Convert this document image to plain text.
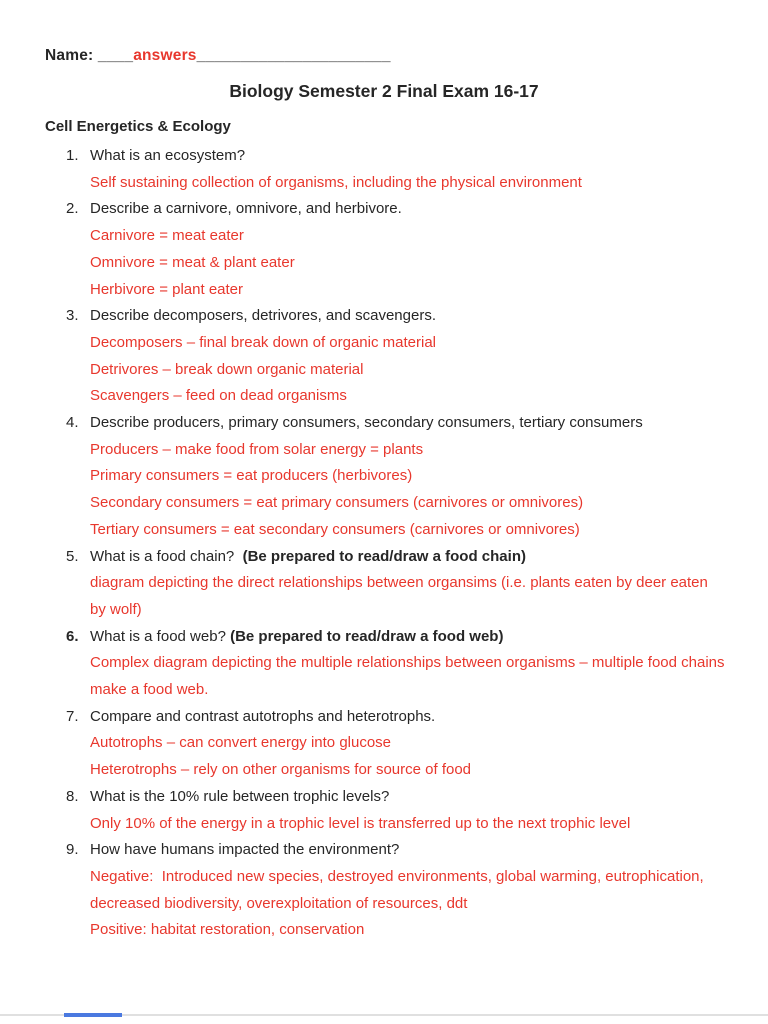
Name: ____answers______________________
Biology Semester 2 Final Exam 16-17
Cell Energetics & Ecology
1. What is an ecosystem?
Self sustaining collection of organisms, including the physical environment
2. Describe a carnivore, omnivore, and herbivore.
Carnivore = meat eater
Omnivore = meat & plant eater
Herbivore = plant eater
3. Describe decomposers, detrivores, and scavengers.
Decomposers – final break down of organic material
Detrivores – break down organic material
Scavengers – feed on dead organisms
4. Describe producers, primary consumers, secondary consumers, tertiary consumers
Producers – make food from solar energy = plants
Primary consumers = eat producers (herbivores)
Secondary consumers = eat primary consumers (carnivores or omnivores)
Tertiary consumers = eat secondary consumers (carnivores or omnivores)
5. What is a food chain?  (Be prepared to read/draw a food chain)
diagram depicting the direct relationships between organsims (i.e. plants eaten by deer eaten by wolf)
6. What is a food web? (Be prepared to read/draw a food web)
Complex diagram depicting the multiple relationships between organisms – multiple food chains make a food web.
7. Compare and contrast autotrophs and heterotrophs.
Autotrophs – can convert energy into glucose
Heterotrophs – rely on other organisms for source of food
8. What is the 10% rule between trophic levels?
Only 10% of the energy in a trophic level is transferred up to the next trophic level
9. How have humans impacted the environment?
Negative:  Introduced new species, destroyed environments, global warming, eutrophication, decreased biodiversity, overexploitation of resources, ddt
Positive: habitat restoration, conservation
